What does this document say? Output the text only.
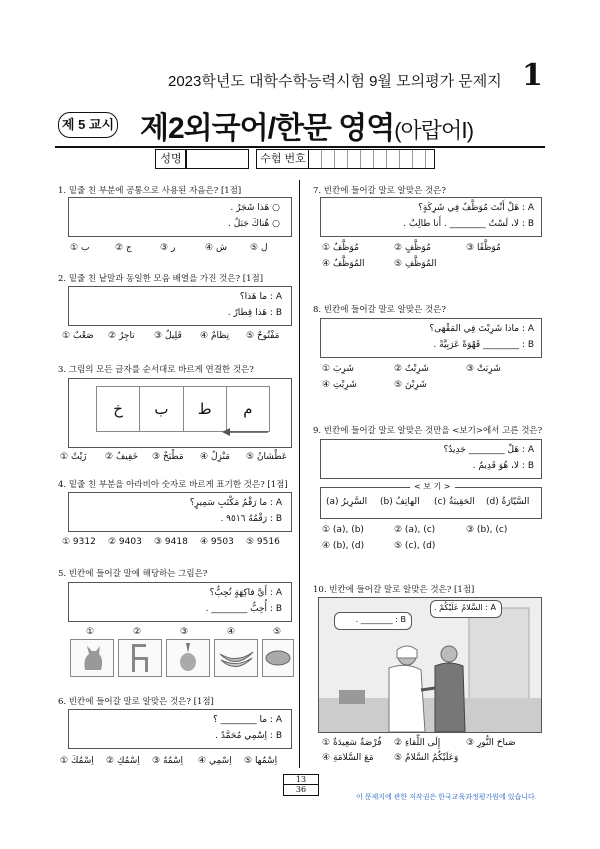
2023학년도 대학수학능력시험 9월 모의평가 문제지 1
제 5 교시 제2외국어/한문 영역(아랍어Ⅰ)
성명	수험 번호
1. 밑줄 친 부분에 공통으로 사용된 자음은? [1점]
○ هَذا شَجَرٌ .
○ هُناكَ جَبَلٌ .
① ب	② ج	③ ر	④ ش	⑤ ل
2. 밑줄 친 낱말과 동일한 모음 배열을 가진 것은? [1점]
A : ما هَذا؟
B : هَذا قِطارٌ .
① صَعْبٌ ② تاجِرٌ ③ قَلِيلٌ ④ نِظامٌ ⑤ مَفْتُوحٌ
3. 그림의 모든 글자를 순서대로 바르게 연결한 것은?
خ	ب	ط	م
① زَيْتٌ ② خَفِيفٌ ③ مَطْبَخٌ ④ مَنْزِلٌ ⑤ عَطْشانُ
4. 밑줄 친 부분을 아라비아 숫자로 바르게 표기한 것은? [1점]
A : ما رَقْمُ مَكْتَبِ سَمِيرٍ؟
B : رَقْمُهُ ٩٥١٦ .
① 9312 ② 9403 ③ 9418 ④ 9503 ⑤ 9516
5. 빈칸에 들어갈 말에 해당하는 그림은?
A : أَيَّ فاكِهَةٍ تُحِبُّ؟
B : أُحِبُّ ________ .
①	②	③	④	⑤
6. 빈칸에 들어갈 말로 알맞은 것은? [1점]
A : ما ________ ؟
B : اِسْمِي مُحَمَّدٌ .
① اِسْمُكَ ② اِسْمُكِ ③ اِسْمُهُ ④ اِسْمِي ⑤ اِسْمُها
7. 빈칸에 들어갈 말로 알맞은 것은?
A : هَلْ أَنْتَ مُوَظَّفٌ فِي شَرِكَةٍ؟
B : لا، لَسْتُ ________ . أَنا طالِبٌ .
① مُوَظَّفٌ	② مُوَظَّفٍ	③ مُوَظَّفًا
④ المُوَظَّفُ	⑤ المُوَظَّفِ
8. 빈칸에 들어갈 말로 알맞은 것은?
A : ماذا شَرِبْتَ فِي المَقْهَى؟
B : ________ قَهْوَةً عَرَبِيَّةً .
① شَرِبَ	② شَرِبْتُ	③ شَرِبَتْ
④ شَرِبْتِ	⑤ شَرِبْنَ
9. 빈칸에 들어갈 말로 알맞은 것만을 <보기>에서 고른 것은?
A : هَلْ ________ جَدِيدٌ؟
B : لا، هُوَ قَدِيمٌ .
< 보 기 >
(a) السَّرِيرُ (b) الهاتِفُ (c) الحَقِيبَةُ (d) السَّيّارَةُ
① (a), (b)	② (a), (c)	③ (b), (c)
④ (b), (d)	⑤ (c), (d)
10. 빈칸에 들어갈 말로 알맞은 것은? [1점]
A : السَّلامُ عَلَيْكُمْ .
B : ________ .
① فُرْصَةٌ سَعِيدَةٌ ② إِلَى اللِّقاءِ	③ صَباحَ النُّورِ
④ مَعَ السَّلامَةِ ⑤ وَعَلَيْكُمُ السَّلامُ
13
36
이 문제지에 관한 저작권은 한국교육과정평가원에 있습니다.
